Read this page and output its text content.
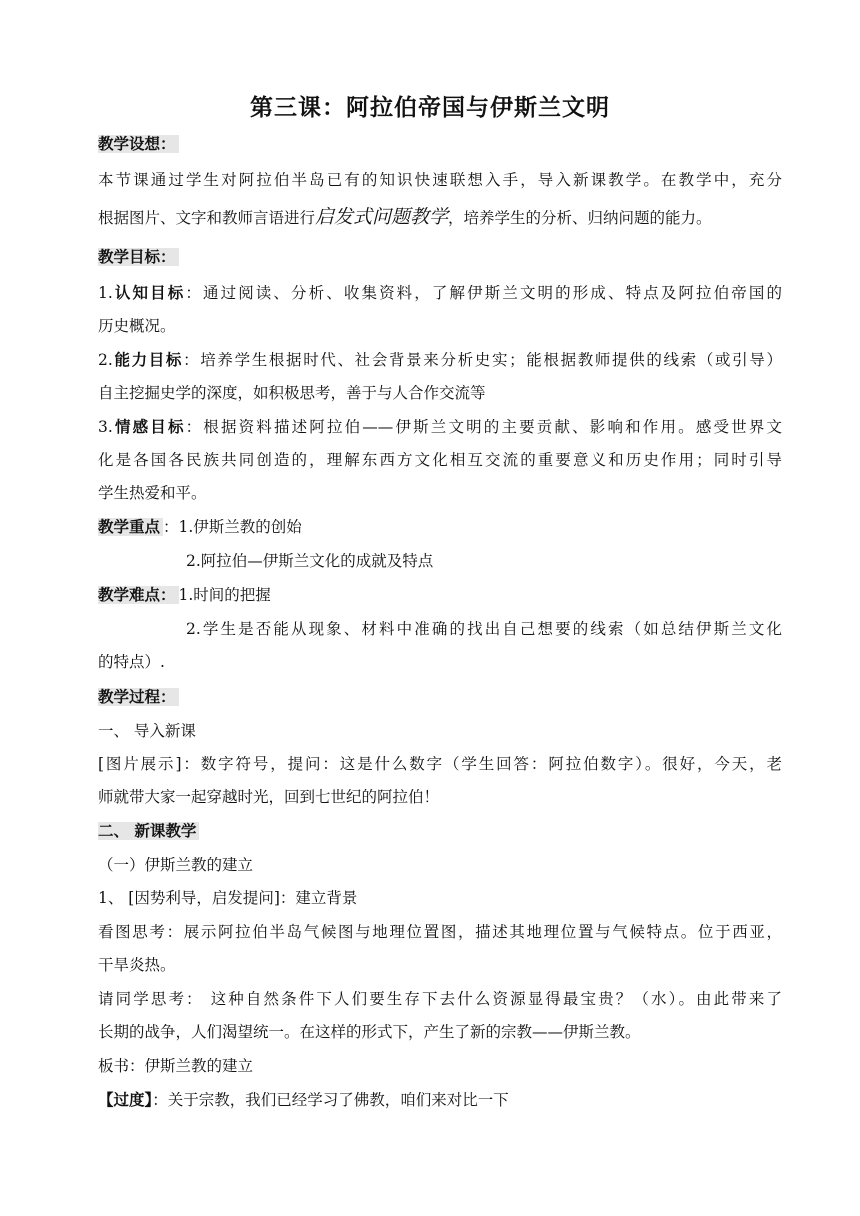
第三课：阿拉伯帝国与伊斯兰文明
教学设想：
本节课通过学生对阿拉伯半岛已有的知识快速联想入手，导入新课教学。在教学中，充分
根据图片、文字和教师言语进行启发式问题教学，培养学生的分析、归纳问题的能力。
教学目标：
1.认知目标：通过阅读、分析、收集资料，了解伊斯兰文明的形成、特点及阿拉伯帝国的
历史概况。
2.能力目标：培养学生根据时代、社会背景来分析史实；能根据教师提供的线索（或引导）
自主挖掘史学的深度，如积极思考，善于与人合作交流等
3.情感目标：根据资料描述阿拉伯——伊斯兰文明的主要贡献、影响和作用。感受世界文
化是各国各民族共同创造的，理解东西方文化相互交流的重要意义和历史作用；同时引导
学生热爱和平。
教学重点 ：1.伊斯兰教的创始
2.阿拉伯—伊斯兰文化的成就及特点
教学难点： 1.时间的把握
2.学生是否能从现象、材料中准确的找出自己想要的线索（如总结伊斯兰文化
的特点）.
教学过程：
一、 导入新课
[图片展示]：数字符号，提问：这是什么数字（学生回答：阿拉伯数字）。很好，今天，老
师就带大家一起穿越时光，回到七世纪的阿拉伯！
二、 新课教学
（一）伊斯兰教的建立
1、 [因势利导，启发提问]：建立背景
看图思考：展示阿拉伯半岛气候图与地理位置图，描述其地理位置与气候特点。位于西亚，
干旱炎热。
请同学思考： 这种自然条件下人们要生存下去什么资源显得最宝贵？（水）。由此带来了
长期的战争，人们渴望统一。在这样的形式下，产生了新的宗教——伊斯兰教。
板书：伊斯兰教的建立
【过度】：关于宗教，我们已经学习了佛教，咱们来对比一下
